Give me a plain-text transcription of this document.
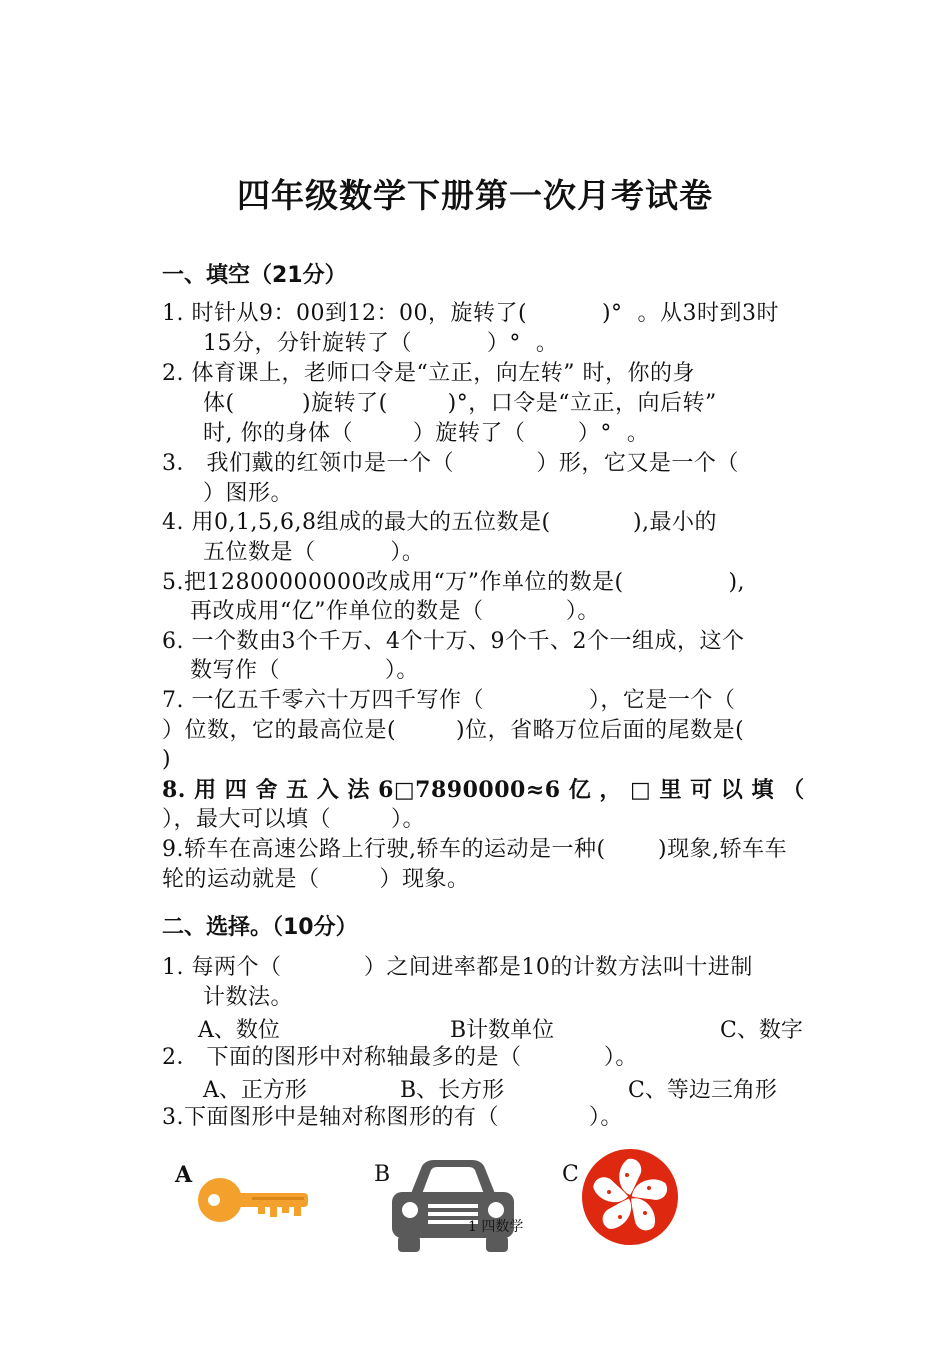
四年级数学下册第一次月考试卷
一、填空（21分）
1. 时针从9：00到12：00，旋转了(          )°  。从3时到3时
15分，分针旋转了（          ）°  。
2. 体育课上，老师口令是“立正，向左转” 时，你的身
体(         )旋转了(        )°，口令是“立正，向后转”
时, 你的身体（        ）旋转了（       ）°  。
3． 我们戴的红领巾是一个（           ）形，它又是一个（
）图形。
4. 用0,1,5,6,8组成的最大的五位数是(           ),最小的
五位数是（          ）。
5.把12800000000改成用“万”作单位的数是(              ),
再改成用“亿”作单位的数是（           ）。
6. 一个数由3个千万、4个十万、9个千、2个一组成，这个
数写作（              ）。
7. 一亿五千零六十万四千写作（              ），它是一个（
）位数，它的最高位是(        )位，省略万位后面的尾数是(
)
8. 用 四 舍 五 入 法 6□7890000≈6 亿 ， □ 里 可 以 填 （
），最大可以填（        ）。
9.轿车在高速公路上行驶,轿车的运动是一种(       )现象,轿车车
轮的运动就是（        ）现象。
二、选择。（10分）
1. 每两个（           ）之间进率都是10的计数方法叫十进制
计数法。
A、数位	B计数单位	C、数字
2． 下面的图形中对称轴最多的是（           ）。
A、正方形	B、长方形	C、等边三角形
3.下面图形中是轴对称图形的有（            ）。
A	B	C
1 四数学
